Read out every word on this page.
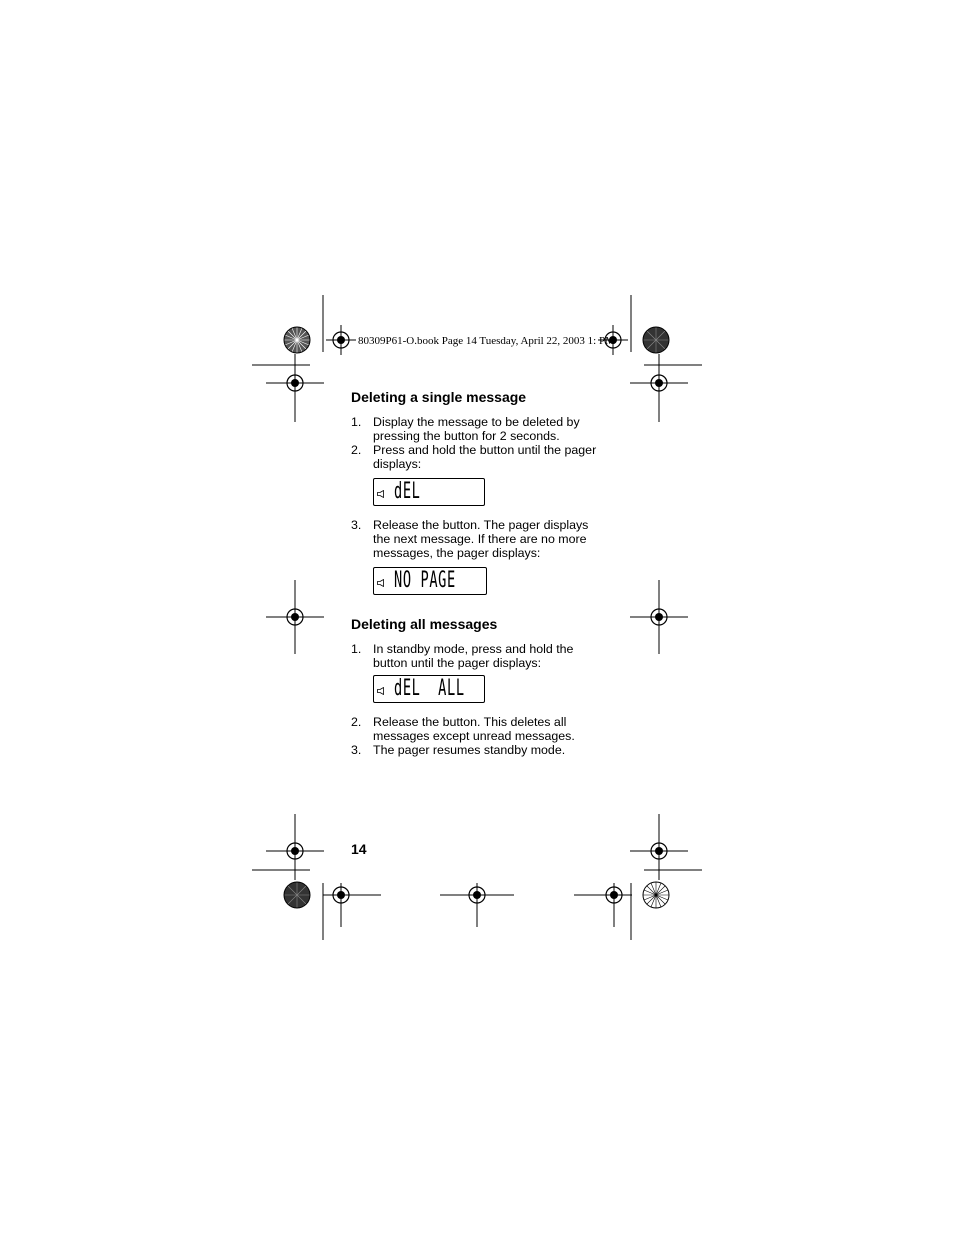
80309P61-O.book Page 14 Tuesday, April 22, 2003 1: PM
Deleting a single message
1. Display the message to be deleted by pressing the button for 2 seconds.
2. Press and hold the button until the pager displays:
dEL
3. Release the button. The pager displays the next message. If there are no more messages, the pager displays:
NO PAGE
Deleting all messages
1. In standby mode, press and hold the button until the pager displays:
dEL  ALL
2. Release the button. This deletes all messages except unread messages.
3. The pager resumes standby mode.
14
